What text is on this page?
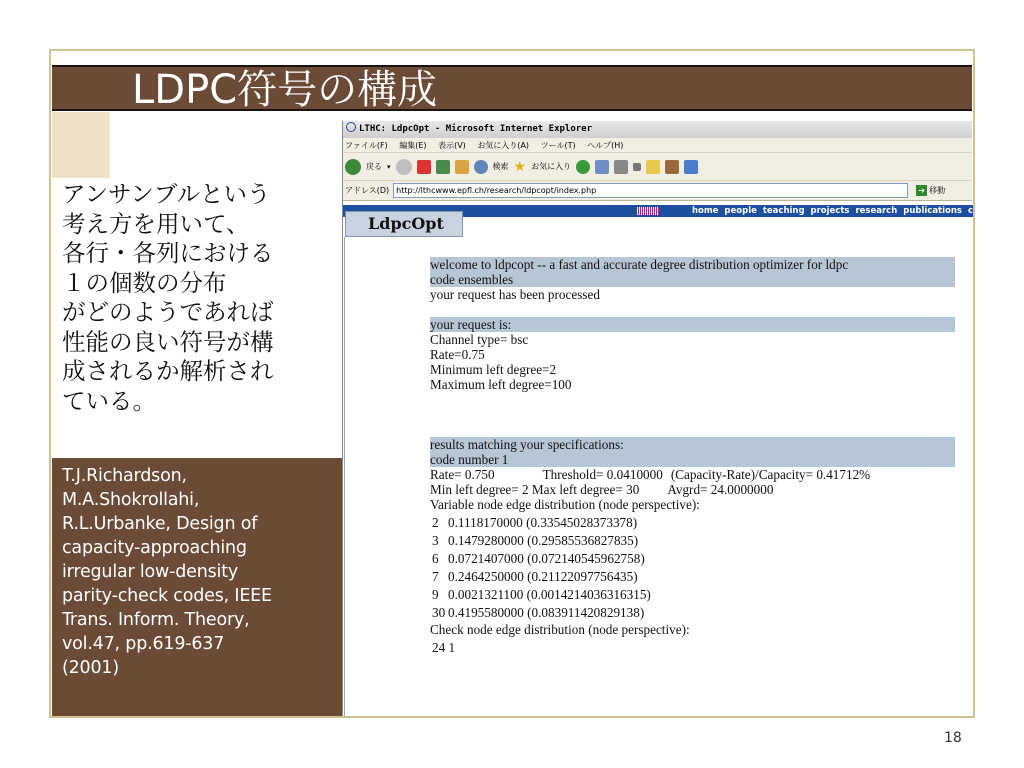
LDPC符号の構成
アンサンブルという
考え方を用いて、
各行・各列における
１の個数の分布
がどのようであれば
性能の良い符号が構
成されるか解析され
ている。
T.J.Richardson,
M.A.Shokrollahi,
R.L.Urbanke, Design of
capacity-approaching
irregular low-density
parity-check codes, IEEE
Trans. Inform. Theory,
vol.47, pp.619-637
(2001)
18
LTHC: LdpcOpt - Microsoft Internet Explorer
ファイル(F) 編集(E) 表示(V) お気に入り(A) ツール(T) ヘルプ(H)
戻る ▾	検索 ★ お気に入り
アドレス(D) http://lthcwww.epfl.ch/research/ldpcopt/index.php	➔ 移動
home people teaching projects research publications c
LdpcOpt
welcome to ldpcopt -- a fast and accurate degree distribution optimizer for ldpc
code ensembles
your request has been processed
your request is:
Channel type= bsc
Rate=0.75
Minimum left degree=2
Maximum left degree=100
results matching your specifications:
code number 1
Rate= 0.750	Threshold= 0.0410000 (Capacity-Rate)/Capacity= 0.41712%
Min left degree= 2 Max left degree= 30 Avgrd= 24.0000000
Variable node edge distribution (node perspective):
2 0.1118170000 (0.33545028373378)
3 0.1479280000 (0.29585536827835)
6 0.0721407000 (0.072140545962758)
7 0.2464250000 (0.21122097756435)
9 0.0021321100 (0.0014214036316315)
30 0.4195580000 (0.083911420829138)
Check node edge distribution (node perspective):
24 1
